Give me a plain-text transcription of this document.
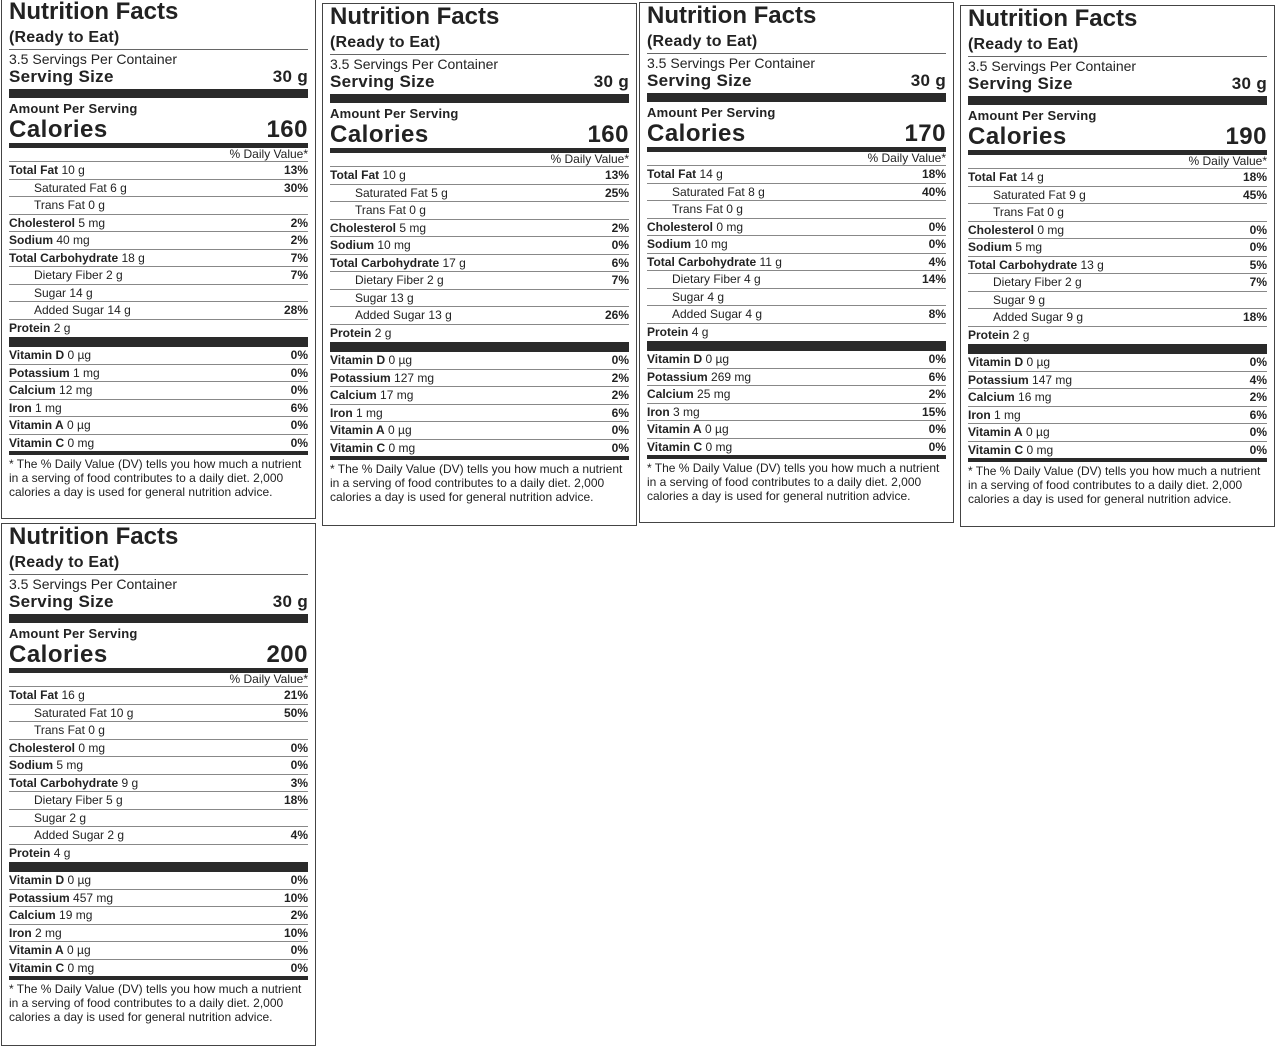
Nutrition Facts
(Ready to Eat)
3.5 Servings Per Container
Serving Size	30 g
Amount Per Serving
Calories	160
% Daily Value*
Total Fat 10 g	13%
Saturated Fat 6 g	30%
Trans Fat 0 g
Cholesterol 5 mg	2%
Sodium 40 mg	2%
Total Carbohydrate 18 g	7%
Dietary Fiber 2 g	7%
Sugar 14 g
Added Sugar 14 g	28%
Protein 2 g
Vitamin D 0 µg	0%
Potassium 1 mg	0%
Calcium 12 mg	0%
Iron 1 mg	6%
Vitamin A 0 µg	0%
Vitamin C 0 mg	0%
* The % Daily Value (DV) tells you how much a nutrient in a serving of food contributes to a daily diet. 2,000 calories a day is used for general nutrition advice.
Nutrition Facts
(Ready to Eat)
3.5 Servings Per Container
Serving Size	30 g
Amount Per Serving
Calories	160
% Daily Value*
Total Fat 10 g	13%
Saturated Fat 5 g	25%
Trans Fat 0 g
Cholesterol 5 mg	2%
Sodium 10 mg	0%
Total Carbohydrate 17 g	6%
Dietary Fiber 2 g	7%
Sugar 13 g
Added Sugar 13 g	26%
Protein 2 g
Vitamin D 0 µg	0%
Potassium 127 mg	2%
Calcium 17 mg	2%
Iron 1 mg	6%
Vitamin A 0 µg	0%
Vitamin C 0 mg	0%
* The % Daily Value (DV) tells you how much a nutrient in a serving of food contributes to a daily diet. 2,000 calories a day is used for general nutrition advice.
Nutrition Facts
(Ready to Eat)
3.5 Servings Per Container
Serving Size	30 g
Amount Per Serving
Calories	170
% Daily Value*
Total Fat 14 g	18%
Saturated Fat 8 g	40%
Trans Fat 0 g
Cholesterol 0 mg	0%
Sodium 10 mg	0%
Total Carbohydrate 11 g	4%
Dietary Fiber 4 g	14%
Sugar 4 g
Added Sugar 4 g	8%
Protein 4 g
Vitamin D 0 µg	0%
Potassium 269 mg	6%
Calcium 25 mg	2%
Iron 3 mg	15%
Vitamin A 0 µg	0%
Vitamin C 0 mg	0%
* The % Daily Value (DV) tells you how much a nutrient in a serving of food contributes to a daily diet. 2,000 calories a day is used for general nutrition advice.
Nutrition Facts
(Ready to Eat)
3.5 Servings Per Container
Serving Size	30 g
Amount Per Serving
Calories	190
% Daily Value*
Total Fat 14 g	18%
Saturated Fat 9 g	45%
Trans Fat 0 g
Cholesterol 0 mg	0%
Sodium 5 mg	0%
Total Carbohydrate 13 g	5%
Dietary Fiber 2 g	7%
Sugar 9 g
Added Sugar 9 g	18%
Protein 2 g
Vitamin D 0 µg	0%
Potassium 147 mg	4%
Calcium 16 mg	2%
Iron 1 mg	6%
Vitamin A 0 µg	0%
Vitamin C 0 mg	0%
* The % Daily Value (DV) tells you how much a nutrient in a serving of food contributes to a daily diet. 2,000 calories a day is used for general nutrition advice.
Nutrition Facts
(Ready to Eat)
3.5 Servings Per Container
Serving Size	30 g
Amount Per Serving
Calories	200
% Daily Value*
Total Fat 16 g	21%
Saturated Fat 10 g	50%
Trans Fat 0 g
Cholesterol 0 mg	0%
Sodium 5 mg	0%
Total Carbohydrate 9 g	3%
Dietary Fiber 5 g	18%
Sugar 2 g
Added Sugar 2 g	4%
Protein 4 g
Vitamin D 0 µg	0%
Potassium 457 mg	10%
Calcium 19 mg	2%
Iron 2 mg	10%
Vitamin A 0 µg	0%
Vitamin C 0 mg	0%
* The % Daily Value (DV) tells you how much a nutrient in a serving of food contributes to a daily diet. 2,000 calories a day is used for general nutrition advice.
